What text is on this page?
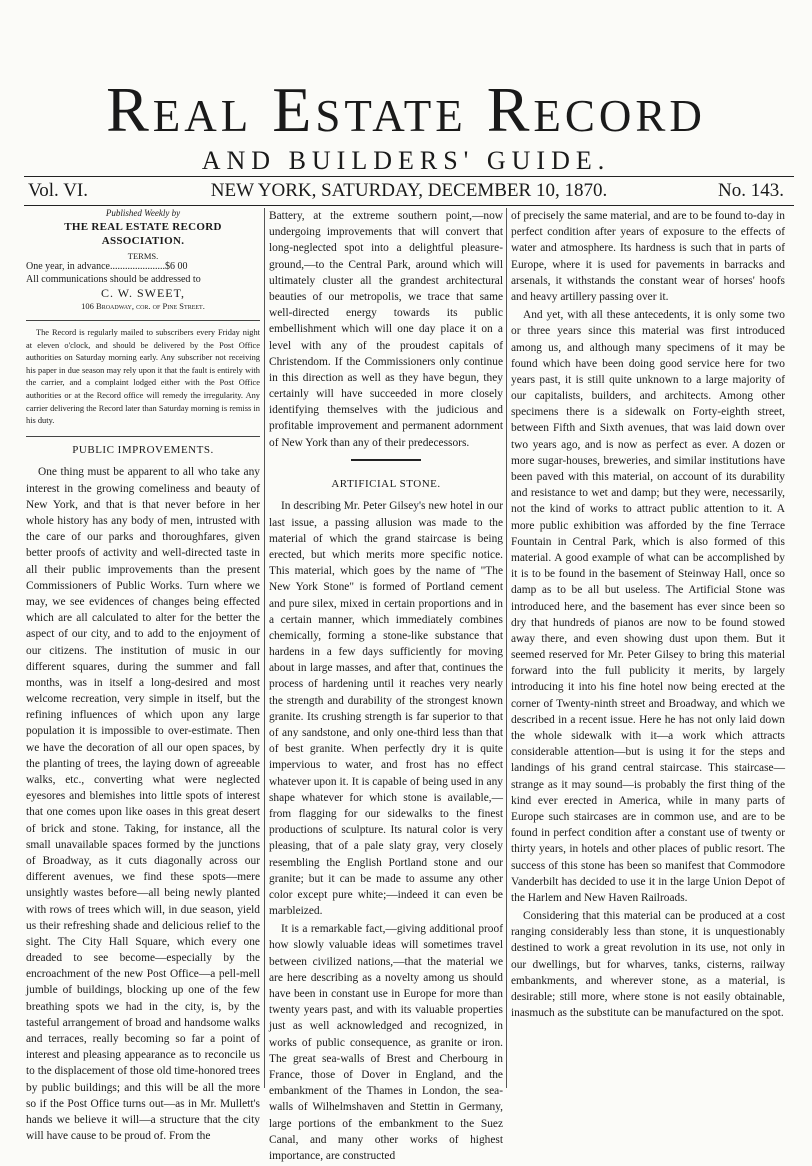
Real Estate Record
AND BUILDERS' GUIDE.
NEW YORK, SATURDAY, DECEMBER 10, 1870.
Vol. VI.	No. 143.
Published Weekly by
THE REAL ESTATE RECORD ASSOCIATION.
TERMS.
One year, in advance......................$6 00
All communications should be addressed to
C. W. SWEET,
106 Broadway, cor. of Pine Street.

The Record is regularly mailed to subscribers every Friday night at eleven o'clock, and should be delivered by the Post Office authorities on Saturday morning early. Any subscriber not receiving his paper in due season may rely upon it that the fault is entirely with the carrier, and a complaint lodged either with the Post Office authorities or at the Record office will remedy the irregularity. Any carrier delivering the Record later than Saturday morning is remiss in his duty.

PUBLIC IMPROVEMENTS.

One thing must be apparent to all who take any interest in the growing comeliness and beauty of New York, and that is that never before in her whole history has any body of men, intrusted with the care of our parks and thoroughfares, given better proofs of activity and well-directed taste in all their public improvements than the present Commissioners of Public Works. Turn where we may, we see evidences of changes being effected which are all calculated to alter for the better the aspect of our city, and to add to the enjoyment of our citizens. The institution of music in our different squares, during the summer and fall months, was in itself a long-desired and most welcome recreation, very simple in itself, but the refining influences of which upon any large population it is impossible to over-estimate. Then we have the decoration of all our open spaces, by the planting of trees, the laying down of agreeable walks, etc., converting what were neglected eyesores and blemishes into little spots of interest that one comes upon like oases in this great desert of brick and stone. Taking, for instance, all the small unavailable spaces formed by the junctions of Broadway, as it cuts diagonally across our different avenues, we find these spots—mere unsightly wastes before—all being newly planted with rows of trees which will, in due season, yield us their refreshing shade and delicious relief to the sight. The City Hall Square, which every one dreaded to see become—especially by the encroachment of the new Post Office—a pell-mell jumble of buildings, blocking up one of the few breathing spots we had in the city, is, by the tasteful arrangement of broad and handsome walks and terraces, really becoming so far a point of interest and pleasing appearance as to reconcile us to the displacement of those old time-honored trees by public buildings; and this will be all the more so if the Post Office turns out—as in Mr. Mullett's hands we believe it will—a structure that the city will have cause to be proud of. From the

Battery, at the extreme southern point,—now undergoing improvements that will convert that long-neglected spot into a delightful pleasure-ground,—to the Central Park, around which will ultimately cluster all the grandest architectural beauties of our metropolis, we trace that same well-directed energy towards its public embellishment which will one day place it on a level with any of the proudest capitals of Christendom. If the Commissioners only continue in this direction as well as they have begun, they certainly will have succeeded in more closely identifying themselves with the judicious and profitable improvement and permanent adornment of New York than any of their predecessors.

ARTIFICIAL STONE.

In describing Mr. Peter Gilsey's new hotel in our last issue, a passing allusion was made to the material of which the grand staircase is being erected, but which merits more specific notice. This material, which goes by the name of "The New York Stone" is formed of Portland cement and pure silex, mixed in certain proportions and in a certain manner, which immediately combines chemically, forming a stone-like substance that hardens in a few days sufficiently for moving about in large masses, and after that, continues the process of hardening until it reaches very nearly the strength and durability of the strongest known granite. Its crushing strength is far superior to that of any sandstone, and only one-third less than that of best granite. When perfectly dry it is quite impervious to water, and frost has no effect whatever upon it. It is capable of being used in any shape whatever for which stone is available,—from flagging for our sidewalks to the finest productions of sculpture. Its natural color is very pleasing, that of a pale slaty gray, very closely resembling the English Portland stone and our granite; but it can be made to assume any other color except pure white;—indeed it can even be marbleized.

It is a remarkable fact,—giving additional proof how slowly valuable ideas will sometimes travel between civilized nations,—that the material we are here describing as a novelty among us should have been in constant use in Europe for more than twenty years past, and with its valuable properties just as well acknowledged and recognized, in works of public consequence, as granite or iron. The great sea-walls of Brest and Cherbourg in France, those of Dover in England, and the embankment of the Thames in London, the sea-walls of Wilhelmshaven and Stettin in Germany, large portions of the embankment to the Suez Canal, and many other works of highest importance, are constructed

of precisely the same material, and are to be found to-day in perfect condition after years of exposure to the effects of water and atmosphere. Its hardness is such that in parts of Europe, where it is used for pavements in barracks and arsenals, it withstands the constant wear of horses' hoofs and heavy artillery passing over it.

And yet, with all these antecedents, it is only some two or three years since this material was first introduced among us, and although many specimens of it may be found which have been doing good service here for two years past, it is still quite unknown to a large majority of our capitalists, builders, and architects. Among other specimens there is a sidewalk on Forty-eighth street, between Fifth and Sixth avenues, that was laid down over two years ago, and is now as perfect as ever. A dozen or more sugar-houses, breweries, and similar institutions have been paved with this material, on account of its durability and resistance to wet and damp; but they were, necessarily, not the kind of works to attract public attention to it. A more public exhibition was afforded by the fine Terrace Fountain in Central Park, which is also formed of this material. A good example of what can be accomplished by it is to be found in the basement of Steinway Hall, once so damp as to be all but useless. The Artificial Stone was introduced here, and the basement has ever since been so dry that hundreds of pianos are now to be found stowed away there, and even showing dust upon them. But it seemed reserved for Mr. Peter Gilsey to bring this material forward into the full publicity it merits, by largely introducing it into his fine hotel now being erected at the corner of Twenty-ninth street and Broadway, and which we described in a recent issue. Here he has not only laid down the whole sidewalk with it—a work which attracts considerable attention—but is using it for the steps and landings of his grand central staircase. This staircase—strange as it may sound—is probably the first thing of the kind ever erected in America, while in many parts of Europe such staircases are in common use, and are to be found in perfect condition after a constant use of twenty or thirty years, in hotels and other places of public resort. The success of this stone has been so manifest that Commodore Vanderbilt has decided to use it in the large Union Depot of the Harlem and New Haven Railroads.

Considering that this material can be produced at a cost ranging considerably less than stone, it is unquestionably destined to work a great revolution in its use, not only in our dwellings, but for wharves, tanks, cisterns, railway embankments, and wherever stone, as a material, is desirable; still more, where stone is not easily obtainable, inasmuch as the substitute can be manufactured on the spot.
